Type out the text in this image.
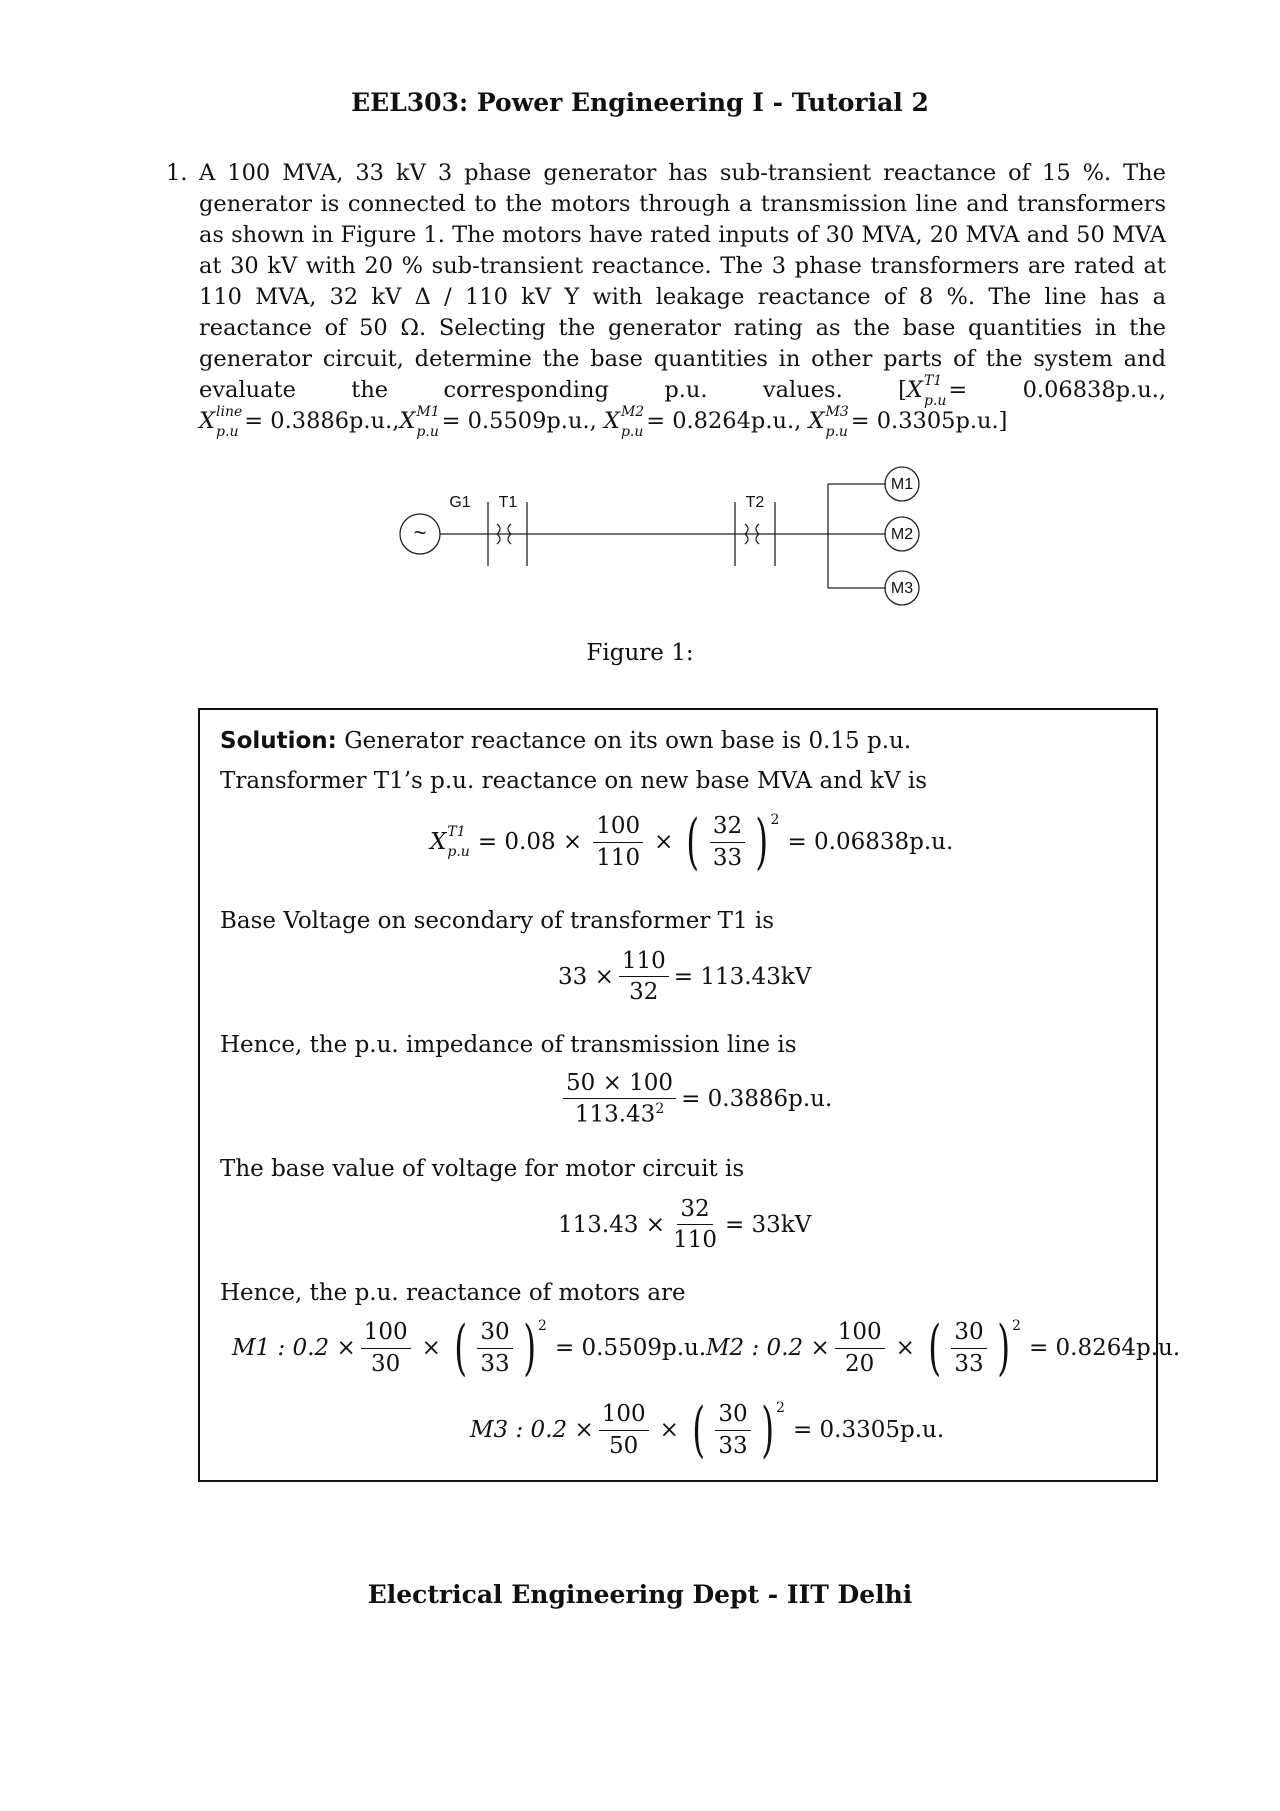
EEL303: Power Engineering I - Tutorial 2
1. A 100 MVA, 33 kV 3 phase generator has sub-transient reactance of 15 %. The generator is connected to the motors through a transmission line and transformers as shown in Figure 1. The motors have rated inputs of 30 MVA, 20 MVA and 50 MVA at 30 kV with 20 % sub-transient reactance. The 3 phase transformers are rated at 110 MVA, 32 kV Δ / 110 kV Y with leakage reactance of 8 %. The line has a reactance of 50 Ω. Selecting the generator rating as the base quantities in the generator circuit, determine the base quantities in other parts of the system and evaluate the corresponding p.u. values. [X T1
p.u = 0.06838p.u., X line
p.u = 0.3886p.u.,X M1
p.u = 0.5509p.u., X M2
p.u = 0.8264p.u., X M3
p.u = 0.3305p.u.]
~
G1 T1	T2
M1
M2
M3
Figure 1:
Solution: Generator reactance on its own base is 0.15 p.u.
Transformer T1’s p.u. reactance on new base MVA and kV is
X T1
$p.u = 0.08 \times \frac{100}{110}$ × ( $\frac{32}{33} )^2$
= 0.06838p.u.
Base Voltage on secondary of transformer T1 is
$33 \times \frac{110}{32} = 113.43kV$
Hence, the p.u. impedance of transmission line is
$\frac{50 \times 100}{113.43^2} = 0.3886p.u$.
The base value of voltage for motor circuit is
$113.43 \times \frac{32}{110} = 33kV$
Hence, the p.u. reactance of motors are
M1 : $0.2 \times \frac{100}{30}$ × ( $\frac{30}{33} )^2$
= 0.5509p.u. M2 : $0.2 \times \frac{100}{20}$ × ( $\frac{30}{33} )^2$
= 0.8264p.u.
M3 : $0.2 \times \frac{100}{50}$ × ( $\frac{30}{33} )^2$
= 0.3305p.u.
Electrical Engineering Dept - IIT Delhi
